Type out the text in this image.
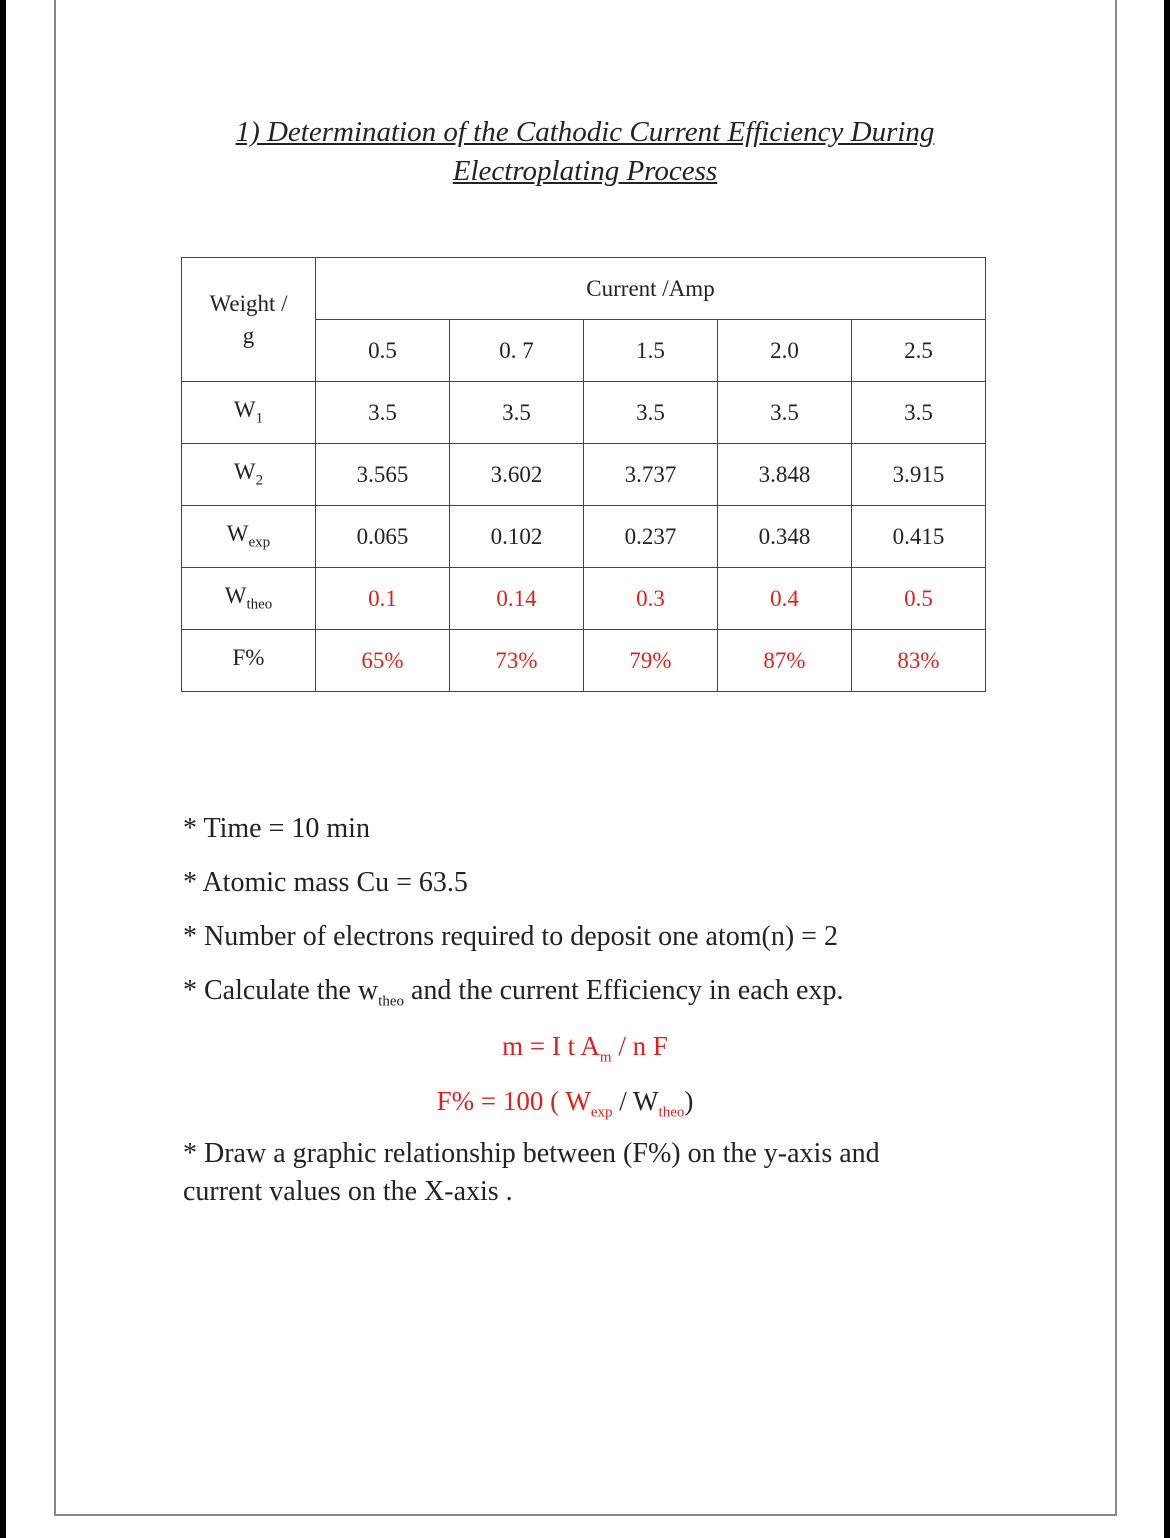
1) Determination of the Cathodic Current Efficiency During
Electroplating Process
Weight /
g	Current /Amp				
	0.5	0. 7	1.5	2.0	2.5
$W_1$	3.5	3.5	3.5	3.5	3.5
$W_2$	3.565	3.602	3.737	3.848	3.915
$W_{exp}$	0.065	0.102	0.237	0.348	0.415
$W_{theo}$	0.1	0.14	0.3	0.4	0.5
F%	65%	73%	79%	87%	83%
* Time = 10 min
* Atomic mass Cu = 63.5
* Number of electrons required to deposit one atom(n) = 2
* Calculate the $w_{theo}$ and the current Efficiency in each exp.
m = I t $A_m$ / n F
F% = 100 ( $W_{exp} / W_{theo}$)
* Draw a graphic relationship between (F%) on the y-axis and
current values on the X-axis .
